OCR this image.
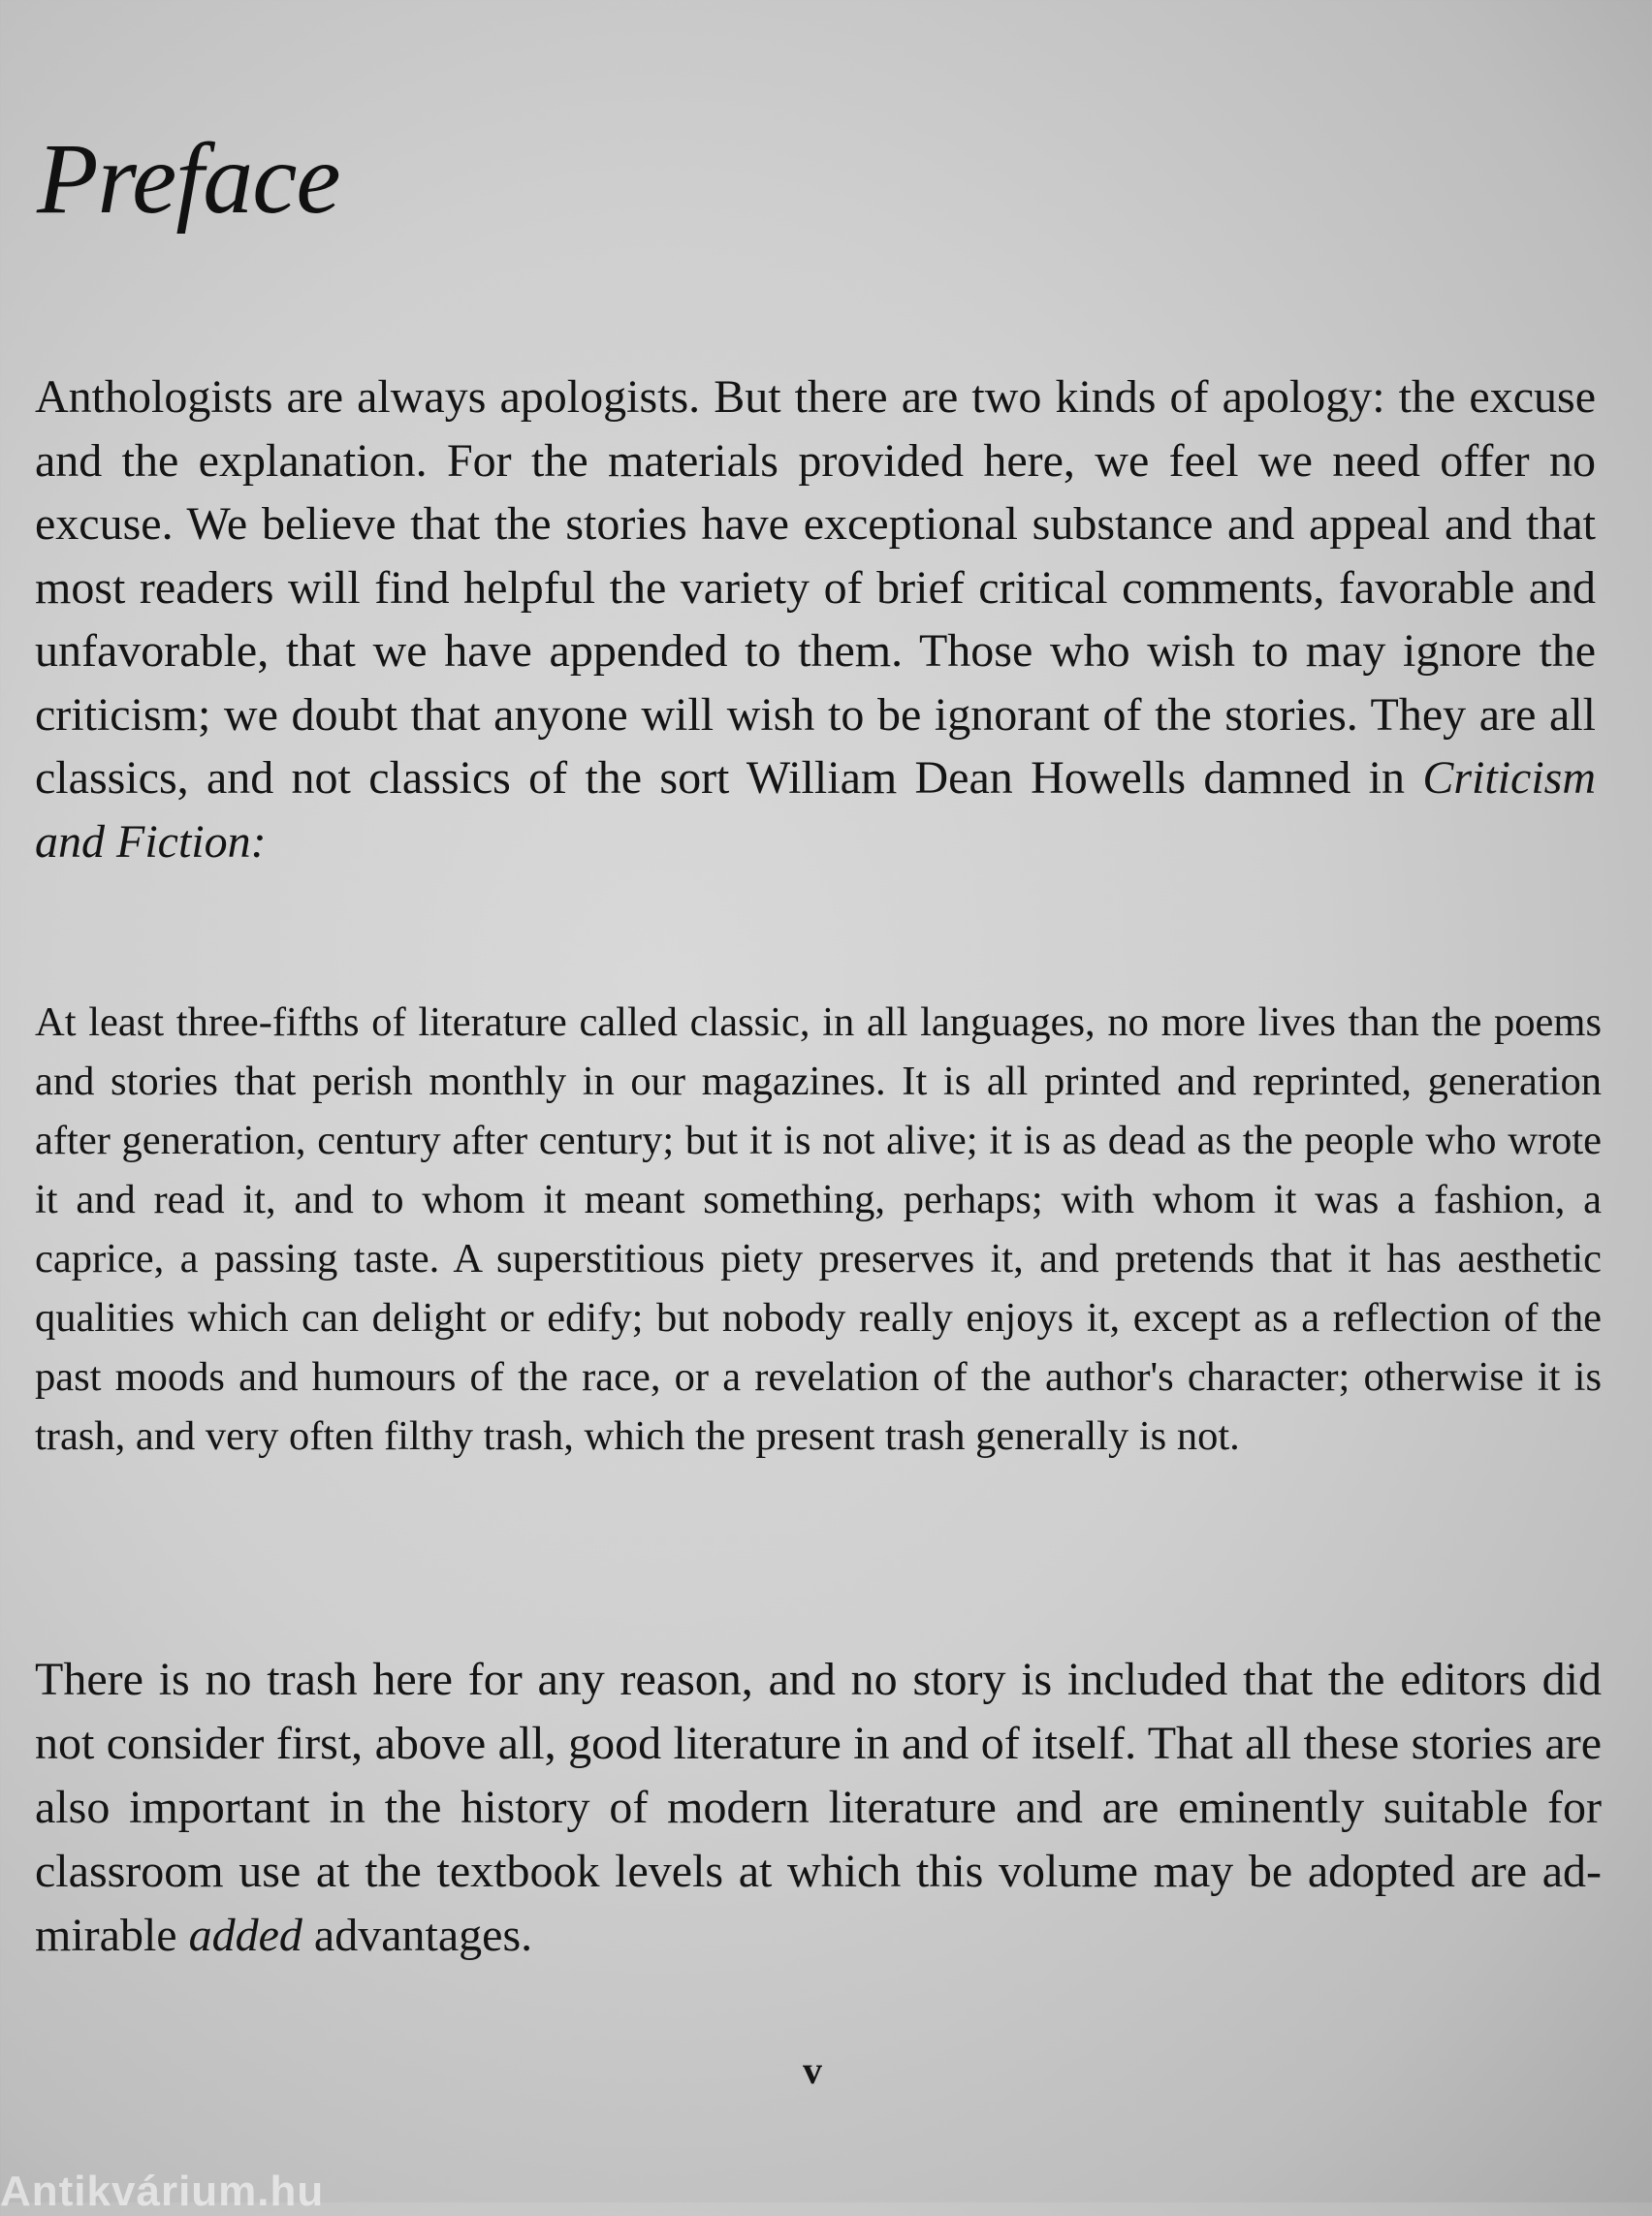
Preface

Anthologists are always apologists. But there are two kinds of apology: the excuse and the explanation. For the materials provided here, we feel we need offer no excuse. We believe that the stories have exceptional substance and appeal and that most readers will find helpful the variety of brief critical comments, favorable and unfavorable, that we have appended to them. Those who wish to may ignore the criticism; we doubt that anyone will wish to be ignorant of the stories. They are all classics, and not classics of the sort William Dean Howells damned in Criticism and Fiction:

At least three-fifths of literature called classic, in all languages, no more lives than the poems and stories that perish monthly in our magazines. It is all printed and reprinted, generation after generation, century after century; but it is not alive; it is as dead as the people who wrote it and read it, and to whom it meant something, perhaps; with whom it was a fashion, a caprice, a passing taste. A superstitious piety preserves it, and pretends that it has aesthetic qualities which can delight or edify; but nobody really enjoys it, except as a reflection of the past moods and humours of the race, or a revelation of the author's character; otherwise it is trash, and very often filthy trash, which the present trash generally is not.

There is no trash here for any reason, and no story is included that the editors did not consider first, above all, good literature in and of itself. That all these stories are also important in the history of modern literature and are eminently suitable for classroom use at the textbook levels at which this volume may be adopted are admirable added advantages.

v
Antikvárium.hu
